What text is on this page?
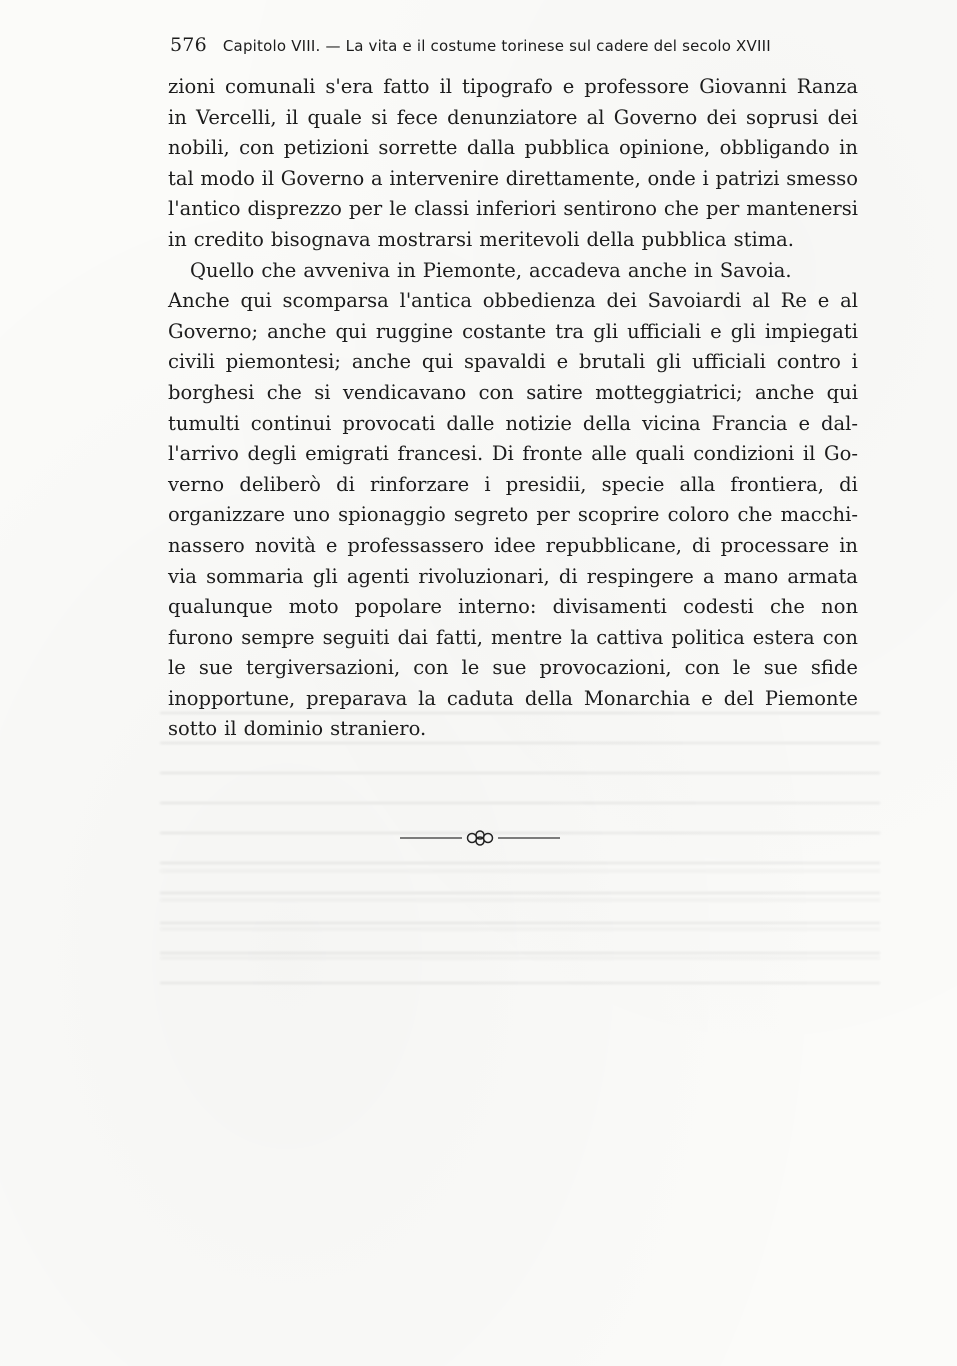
576 Capitolo VIII. — La vita e il costume torinese sul cadere del secolo XVIII
zioni comunali s'era fatto il tipografo e professore Giovanni Ranza
in Vercelli, il quale si fece denunziatore al Governo dei soprusi dei
nobili, con petizioni sorrette dalla pubblica opinione, obbligando in
tal modo il Governo a intervenire direttamente, onde i patrizi smesso
l'antico disprezzo per le classi inferiori sentirono che per mantenersi
in credito bisognava mostrarsi meritevoli della pubblica stima.
Quello che avveniva in Piemonte, accadeva anche in Savoia.
Anche qui scomparsa l'antica obbedienza dei Savoiardi al Re e al
Governo; anche qui ruggine costante tra gli ufficiali e gli impiegati
civili piemontesi; anche qui spavaldi e brutali gli ufficiali contro i
borghesi che si vendicavano con satire motteggiatrici; anche qui
tumulti continui provocati dalle notizie della vicina Francia e dal-
l'arrivo degli emigrati francesi. Di fronte alle quali condizioni il Go-
verno deliberò di rinforzare i presidii, specie alla frontiera, di
organizzare uno spionaggio segreto per scoprire coloro che macchi-
nassero novità e professassero idee repubblicane, di processare in
via sommaria gli agenti rivoluzionari, di respingere a mano armata
qualunque moto popolare interno: divisamenti codesti che non
furono sempre seguiti dai fatti, mentre la cattiva politica estera con
le sue tergiversazioni, con le sue provocazioni, con le sue sfide
inopportune, preparava la caduta della Monarchia e del Piemonte
sotto il dominio straniero.
